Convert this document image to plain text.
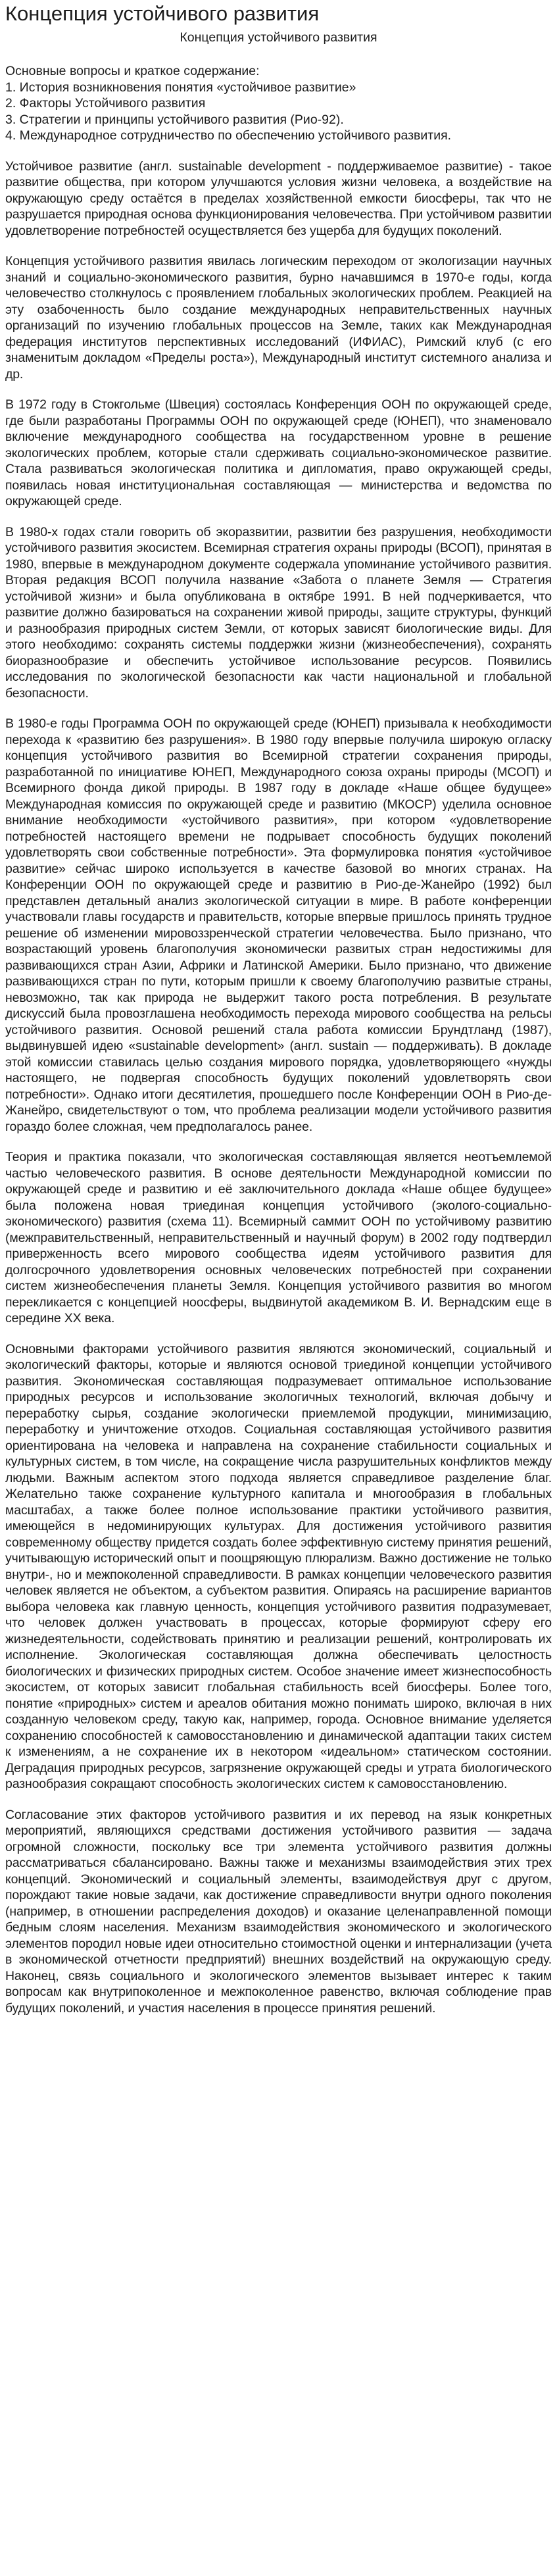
Концепция устойчивого развития
Концепция устойчивого развития

Основные вопросы и краткое содержание:

1. История возникновения понятия «устойчивое развитие»
2. Факторы Устойчивого развития
3. Стратегии и принципы устойчивого развития (Рио-92).
4. Международное сотрудничество по обеспечению устойчивого развития.

Устойчивое развитие (англ. sustainable development - поддерживаемое развитие) - такое развитие общества, при котором улучшаются условия жизни человека, а воздействие на окружающую среду остаётся в пределах хозяйственной емкости биосферы, так что не разрушается природная основа функционирования человечества. При устойчивом развитии удовлетворение потребностей осуществляется без ущерба для будущих поколений.

Концепция устойчивого развития явилась логическим переходом от экологизации научных знаний и социально-экономического развития, бурно начавшимся в 1970-е годы, когда человечество столкнулось с проявлением глобальных экологических проблем. Реакцией на эту озабоченность было создание международных неправительственных научных организаций по изучению глобальных процессов на Земле, таких как Международная федерация институтов перспективных исследований (ИФИАС), Римский клуб (с его знаменитым докладом «Пределы роста»), Международный институт системного анализа и др.

В 1972 году в Стокгольме (Швеция) состоялась Конференция ООН по окружающей среде, где были разработаны Программы ООН по окружающей среде (ЮНЕП), что знаменовало включение международного сообщества на государственном уровне в решение экологических проблем, которые стали сдерживать социально-экономическое развитие. Стала развиваться экологическая политика и дипломатия, право окружающей среды, появилась новая институциональная составляющая — министерства и ведомства по окружающей среде.

В 1980-х годах стали говорить об экоразвитии, развитии без разрушения, необходимости устойчивого развития экосистем. Всемирная стратегия охраны природы (ВСОП), принятая в 1980, впервые в международном документе содержала упоминание устойчивого развития. Вторая редакция ВСОП получила название «Забота о планете Земля — Стратегия устойчивой жизни» и была опубликована в октябре 1991. В ней подчеркивается, что развитие должно базироваться на сохранении живой природы, защите структуры, функций и разнообразия природных систем Земли, от которых зависят биологические виды. Для этого необходимо: сохранять системы поддержки жизни (жизнеобеспечения), сохранять биоразнообразие и обеспечить устойчивое использование ресурсов. Появились исследования по экологической безопасности как части национальной и глобальной безопасности.

В 1980-е годы Программа ООН по окружающей среде (ЮНЕП) призывала к необходимости перехода к «развитию без разрушения». В 1980 году впервые получила широкую огласку концепция устойчивого развития во Всемирной стратегии сохранения природы, разработанной по инициативе ЮНЕП, Международного союза охраны природы (МСОП) и Всемирного фонда дикой природы. В 1987 году в докладе «Наше общее будущее» Международная комиссия по окружающей среде и развитию (МКОСР) уделила основное внимание необходимости «устойчивого развития», при котором «удовлетворение потребностей настоящего времени не подрывает способность будущих поколений удовлетворять свои собственные потребности». Эта формулировка понятия «устойчивое развитие» сейчас широко используется в качестве базовой во многих странах. На Конференции ООН по окружающей среде и развитию в Рио-де-Жанейро (1992) был представлен детальный анализ экологической ситуации в мире. В работе конференции участвовали главы государств и правительств, которые впервые пришлось принять трудное решение об изменении мировоззренческой стратегии человечества. Было признано, что возрастающий уровень благополучия экономически развитых стран недостижимы для развивающихся стран Азии, Африки и Латинской Америки. Было признано, что движение развивающихся стран по пути, которым пришли к своему благополучию развитые страны, невозможно, так как природа не выдержит такого роста потребления. В результате дискуссий была провозглашена необходимость перехода мирового сообщества на рельсы устойчивого развития. Основой решений стала работа комиссии Брундтланд (1987), выдвинувшей идею «sustainable development» (англ. sustain — поддерживать). В докладе этой комиссии ставилась целью создания мирового порядка, удовлетворяющего «нужды настоящего, не подвергая способность будущих поколений удовлетворять свои потребности». Однако итоги десятилетия, прошедшего после Конференции ООН в Рио-де-Жанейро, свидетельствуют о том, что проблема реализации модели устойчивого развития гораздо более сложная, чем предполагалось ранее.

Теория и практика показали, что экологическая составляющая является неотъемлемой частью человеческого развития. В основе деятельности Международной комиссии по окружающей среде и развитию и её заключительного доклада «Наше общее будущее» была положена новая триединая концепция устойчивого (эколого-социально-экономического) развития (схема 11). Всемирный саммит ООН по устойчивому развитию (межправительственный, неправительственный и научный форум) в 2002 году подтвердил приверженность всего мирового сообщества идеям устойчивого развития для долгосрочного удовлетворения основных человеческих потребностей при сохранении систем жизнеобеспечения планеты Земля. Концепция устойчивого развития во многом перекликается с концепцией ноосферы, выдвинутой академиком В. И. Вернадским еще в середине XX века.

Основными факторами устойчивого развития являются экономический, социальный и экологический факторы, которые и являются основой триединой концепции устойчивого развития. Экономическая составляющая подразумевает оптимальное использование природных ресурсов и использование экологичных технологий, включая добычу и переработку сырья, создание экологически приемлемой продукции, минимизацию, переработку и уничтожение отходов. Социальная составляющая устойчивого развития ориентирована на человека и направлена на сохранение стабильности социальных и культурных систем, в том числе, на сокращение числа разрушительных конфликтов между людьми. Важным аспектом этого подхода является справедливое разделение благ. Желательно также сохранение культурного капитала и многообразия в глобальных масштабах, а также более полное использование практики устойчивого развития, имеющейся в недоминирующих культурах. Для достижения устойчивого развития современному обществу придется создать более эффективную систему принятия решений, учитывающую исторический опыт и поощряющую плюрализм. Важно достижение не только внутри-, но и межпоколенной справедливости. В рамках концепции человеческого развития человек является не объектом, а субъектом развития. Опираясь на расширение вариантов выбора человека как главную ценность, концепция устойчивого развития подразумевает, что человек должен участвовать в процессах, которые формируют сферу его жизнедеятельности, содействовать принятию и реализации решений, контролировать их исполнение. Экологическая составляющая должна обеспечивать целостность биологических и физических природных систем. Особое значение имеет жизнеспособность экосистем, от которых зависит глобальная стабильность всей биосферы. Более того, понятие «природных» систем и ареалов обитания можно понимать широко, включая в них созданную человеком среду, такую как, например, города. Основное внимание уделяется сохранению способностей к самовосстановлению и динамической адаптации таких систем к изменениям, а не сохранение их в некотором «идеальном» статическом состоянии. Деградация природных ресурсов, загрязнение окружающей среды и утрата биологического разнообразия сокращают способность экологических систем к самовосстановлению.

Согласование этих факторов устойчивого развития и их перевод на язык конкретных мероприятий, являющихся средствами достижения устойчивого развития — задача огромной сложности, поскольку все три элемента устойчивого развития должны рассматриваться сбалансировано. Важны также и механизмы взаимодействия этих трех концепций. Экономический и социальный элементы, взаимодействуя друг с другом, порождают такие новые задачи, как достижение справедливости внутри одного поколения (например, в отношении распределения доходов) и оказание целенаправленной помощи бедным слоям населения. Механизм взаимодействия экономического и экологического элементов породил новые идеи относительно стоимостной оценки и интернализации (учета в экономической отчетности предприятий) внешних воздействий на окружающую среду. Наконец, связь социального и экологического элементов вызывает интерес к таким вопросам как внутрипоколенное и межпоколенное равенство, включая соблюдение прав будущих поколений, и участия населения в процессе принятия решений.
